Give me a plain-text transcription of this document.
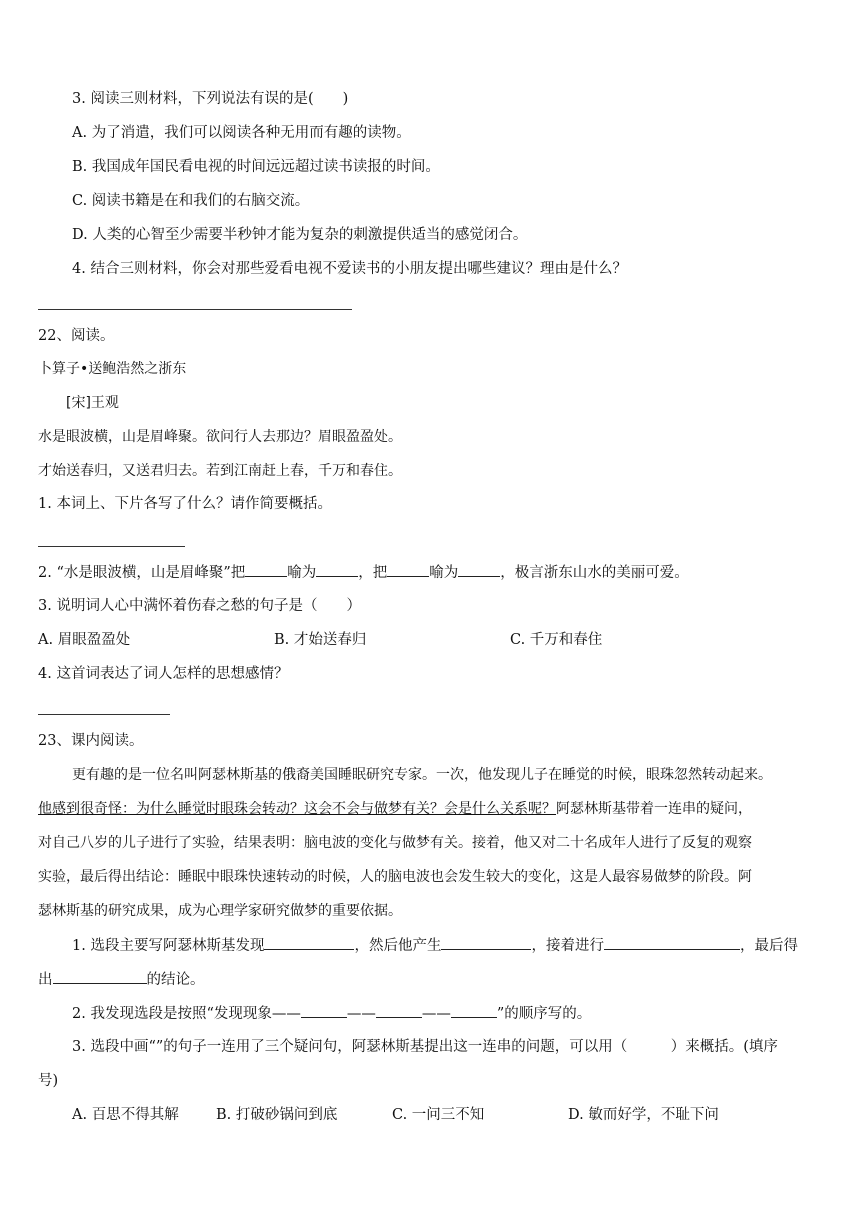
3. 阅读三则材料，下列说法有误的是(　　)
A. 为了消遣，我们可以阅读各种无用而有趣的读物。
B. 我国成年国民看电视的时间远远超过读书读报的时间。
C. 阅读书籍是在和我们的右脑交流。
D. 人类的心智至少需要半秒钟才能为复杂的刺激提供适当的感觉闭合。
4. 结合三则材料，你会对那些爱看电视不爱读书的小朋友提出哪些建议？理由是什么？
22、阅读。
卜算子•送鲍浩然之浙东
[宋]王观
水是眼波横，山是眉峰聚。欲问行人去那边？眉眼盈盈处。
才始送春归，又送君归去。若到江南赶上春，千万和春住。
1. 本词上、下片各写了什么？请作简要概括。
2. “水是眼波横，山是眉峰聚”把	喻为	，把	喻为	，极言浙东山水的美丽可爱。
3. 说明词人心中满怀着伤春之愁的句子是（　　）
A. 眉眼盈盈处	B. 才始送春归	C. 千万和春住
4. 这首词表达了词人怎样的思想感情？
23、课内阅读。
更有趣的是一位名叫阿瑟林斯基的俄裔美国睡眠研究专家。一次，他发现儿子在睡觉的时候，眼珠忽然转动起来。
他感到很奇怪：为什么睡觉时眼珠会转动？这会不会与做梦有关？会是什么关系呢？阿瑟林斯基带着一连串的疑问，
对自己八岁的儿子进行了实验，结果表明：脑电波的变化与做梦有关。接着，他又对二十名成年人进行了反复的观察
实验，最后得出结论：睡眠中眼珠快速转动的时候，人的脑电波也会发生较大的变化，这是人最容易做梦的阶段。阿
瑟林斯基的研究成果，成为心理学家研究做梦的重要依据。
1. 选段主要写阿瑟林斯基发现	，然后他产生	，接着进行	，最后得
出	的结论。
2. 我发现选段是按照“发现现象——	——	——	”的顺序写的。
3. 选段中画“”的句子一连用了三个疑问句，阿瑟林斯基提出这一连串的问题，可以用（　　　）来概括。(填序
号)
A. 百思不得其解	B. 打破砂锅问到底	C. 一问三不知	D. 敏而好学，不耻下问
